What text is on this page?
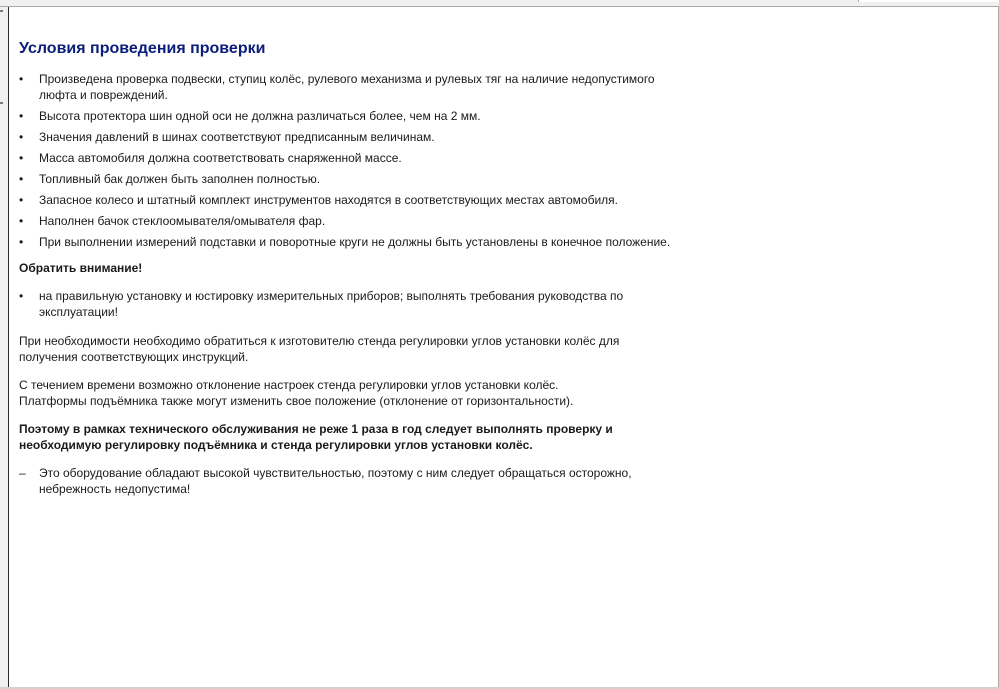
Условия проведения проверки
•	Произведена проверка подвески, ступиц колёс, рулевого механизма и рулевых тяг на наличие недопустимого люфта и повреждений.
•	Высота протектора шин одной оси не должна различаться более, чем на 2 мм.
•	Значения давлений в шинах соответствуют предписанным величинам.
•	Масса автомобиля должна соответствовать снаряженной массе.
•	Топливный бак должен быть заполнен полностью.
•	Запасное колесо и штатный комплект инструментов находятся в соответствующих местах автомобиля.
•	Наполнен бачок стеклоомывателя/омывателя фар.
•	При выполнении измерений подставки и поворотные круги не должны быть установлены в конечное положение.
Обратить внимание!
•	на правильную установку и юстировку измерительных приборов; выполнять требования руководства по эксплуатации!

При необходимости необходимо обратиться к изготовителю стенда регулировки углов установки колёс для получения соответствующих инструкций.

С течением времени возможно отклонение настроек стенда регулировки углов установки колёс.
Платформы подъёмника также могут изменить свое положение (отклонение от горизонтальности).

Поэтому в рамках технического обслуживания не реже 1 раза в год следует выполнять проверку и необходимую регулировку подъёмника и стенда регулировки углов установки колёс.

–	Это оборудование обладают высокой чувствительностью, поэтому с ним следует обращаться осторожно, небрежность недопустима!
